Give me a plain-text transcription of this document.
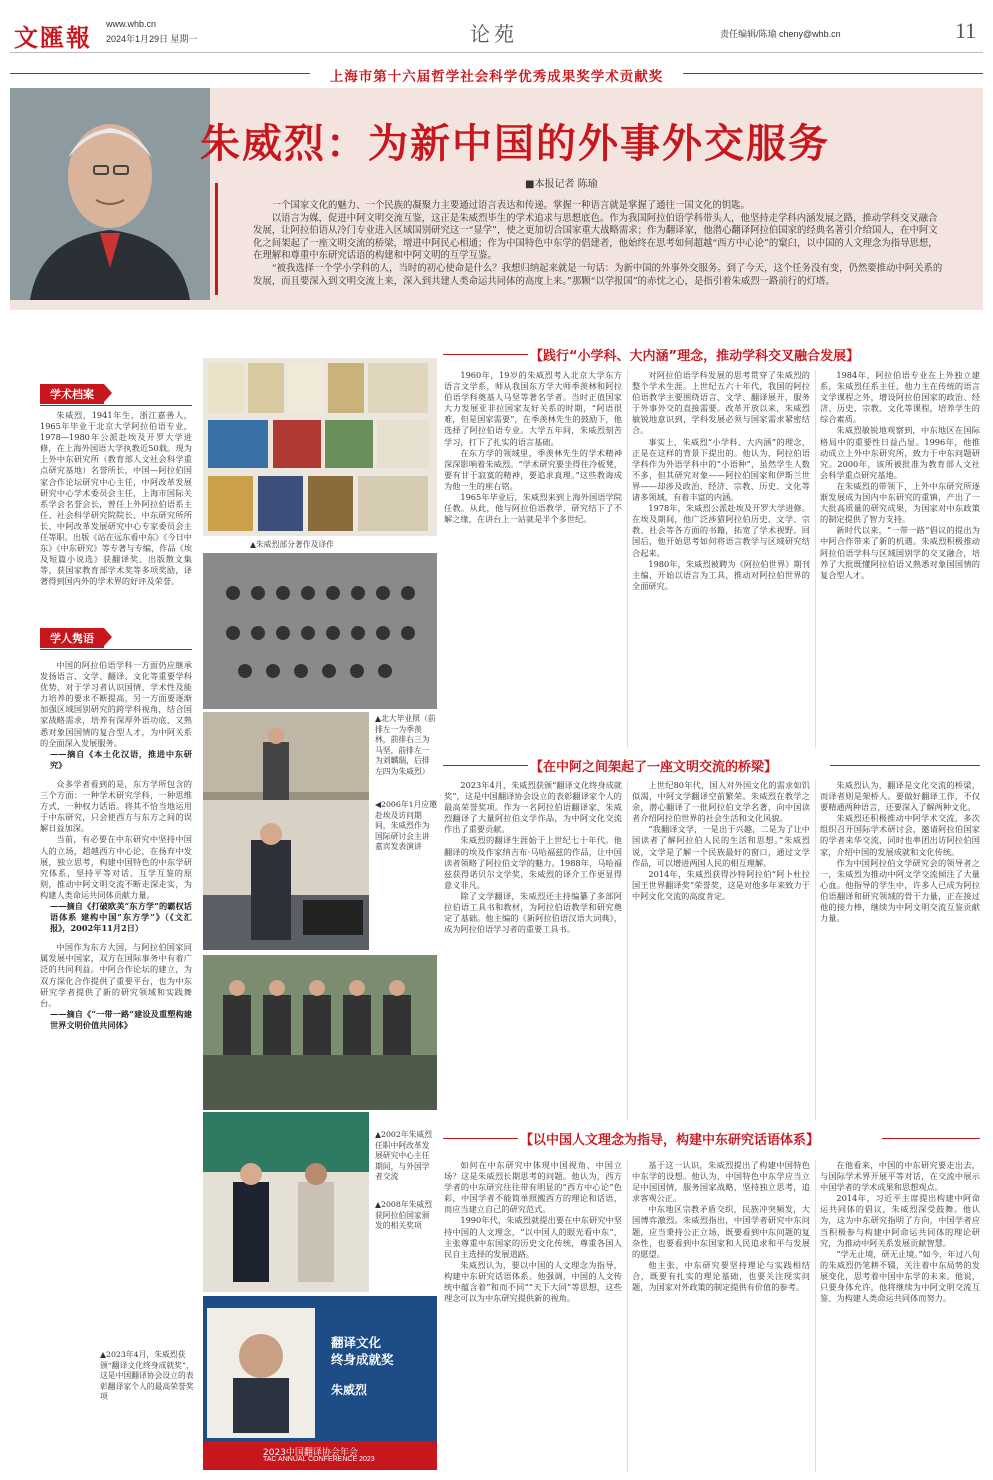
文匯報 www.whb.cn
2024年1月29日 星期一	论苑	责任编辑/陈瑜 cheny@whb.cn	11
上海市第十六届哲学社会科学优秀成果奖学术贡献奖
朱威烈：为新中国的外事外交服务
■本报记者 陈瑜

一个国家文化的魅力、一个民族的凝聚力主要通过语言表达和传递。掌握一种语言就是掌握了通往一国文化的钥匙。

以语言为媒，促进中阿文明交流互鉴，这正是朱威烈毕生的学术追求与思想底色。作为我国阿拉伯语学科带头人，他坚持走学科内涵发展之路，推动学科交叉融合发展，让阿拉伯语从冷门专业进入区域国别研究这一“显学”，使之更加切合国家重大战略需求；作为翻译家，他潜心翻译阿拉伯国家的经典名著引介给国人，在中阿文化之间架起了一座文明交流的桥梁，增进中阿民心相通；作为中国特色中东学的倡建者，他始终在思考如何超越“西方中心论”的窠臼，以中国的人文理念为指导思想，在理解和尊重中东研究话语的构建和中阿文明的互学互鉴。

“被我选择一个学小学科的人，当时的初心使命是什么？我想归纳起来就是一句话：为新中国的外事外交服务。到了今天，这个任务没有变，仍然要推动中阿关系的发展，而且要深入到文明交流上来，深入到共建人类命运共同体的高度上来。”那颗“以学报国”的赤忱之心，是指引着朱威烈一路前行的灯塔。

学术档案

朱威烈，1941年生，浙江嘉善人，1965年毕业于北京大学阿拉伯语专业，1978—1980年公派赴埃及开罗大学进修，在上海外国语大学执教近50载。现为上外中东研究所（教育部人文社会科学重点研究基地）名誉所长，中国—阿拉伯国家合作论坛研究中心主任，中阿改革发展研究中心学术委员会主任，上海市国际关系学会名誉会长，曾任上外阿拉伯语系主任、社会科学研究院院长、中东研究所所长、中阿改革发展研究中心专家委员会主任等职。出版《站在远东看中东》《今日中东》《中东研究》等专著与专编，作品《埃及短篇小说选》获翻译奖、出版散文集等，获国家教育部学术奖等多项奖励，译著得到国内外的学术界的好评及荣誉。

学人隽语

中国的阿拉伯语学科一方面仍应继承发扬语言、文学、翻译、文化等重要学科优势，对于学习者认识国情、学术性及能力培养的要求不断提高，另一方面要逐渐加强区域国别研究的跨学科视角，结合国家战略需求，培养有深厚外语功底、又熟悉对象国国情的复合型人才，为中阿关系的全面深入发展服务。

——摘自《本土化汉语，推进中东研究》

众多学者看到的是，东方学所包含的三个方面：一种学术研究学科，一种思维方式，一种权力话语。将其不恰当地运用于中东研究，只会使西方与东方之间的误解日益加深。

当前，有必要在中东研究中坚持中国人的立场，超越西方中心论，在扬弃中发展，独立思考，构建中国特色的中东学研究体系，坚持平等对话、互学互鉴的原则，推动中阿文明交流不断走深走实，为构建人类命运共同体贡献力量。

——摘自《打破欧美“东方学”的霸权话语体系 建构中国“东方学”》（《文汇报》，2002年11月2日）

中国作为东方大国，与阿拉伯国家同属发展中国家，双方在国际事务中有着广泛的共同利益。中阿合作论坛的建立，为双方深化合作提供了重要平台，也为中东研究学者提供了新的研究领域和实践舞台。

——摘自《“一带一路”建设及重塑构建世界文明价值共同体》

▲朱威烈部分著作及译作
▲北大毕业照（前排左一为季羡林，前排右三为马坚，前排左一为刘麟瑞，后排左四为朱威烈）
◀2006年1月应邀赴埃及访问期间，朱威烈作为国际研讨会主讲嘉宾发表演讲
▲2002年朱威烈任职中阿改革发展研究中心主任期间，与外国学者交流
▲2008年朱威烈获阿拉伯国家颁发的相关奖项
翻译文化
终身成就奖
朱威烈
2023中国翻译协会年会
TAC ANNUAL CONFERENCE 2023
▲2023年4月，朱威烈获颁“翻译文化终身成就奖”，这是中国翻译协会设立的表彰翻译家个人的最高荣誉奖项
【践行“小学科、大内涵”理念，推动学科交叉融合发展】

1960年，19岁的朱威烈考入北京大学东方语言文学系，师从我国东方学大师季羡林和阿拉伯语学科奠基人马坚等著名学者。当时正值国家大力发展亚非拉国家友好关系的时期，“阿语很难，但是国家需要”，在季羡林先生的鼓励下，他选择了阿拉伯语专业。大学五年间，朱威烈刻苦学习，打下了扎实的语言基础。

在东方学的领域里，季羡林先生的学术精神深深影响着朱威烈。“学术研究要坐得住冷板凳，要有甘于寂寞的精神，要追求真理。”这些教诲成为他一生的座右铭。

1965年毕业后，朱威烈来到上海外国语学院任教。从此，他与阿拉伯语教学、研究结下了不解之缘，在讲台上一站就是半个多世纪。

对阿拉伯语学科发展的思考贯穿了朱威烈的整个学术生涯。上世纪五六十年代，我国的阿拉伯语教学主要围绕语言、文学、翻译展开，服务于外事外交的直接需要。改革开放以来，朱威烈敏锐地意识到，学科发展必须与国家需求紧密结合。

事实上，朱威烈“小学科、大内涵”的理念，正是在这样的背景下提出的。他认为，阿拉伯语学科作为外语学科中的“小语种”，虽然学生人数不多，但其研究对象——阿拉伯国家和伊斯兰世界——却涉及政治、经济、宗教、历史、文化等诸多领域，有着丰富的内涵。

1978年，朱威烈公派赴埃及开罗大学进修。在埃及期间，他广泛涉猎阿拉伯历史、文学、宗教、社会等各方面的书籍，拓宽了学术视野。回国后，他开始思考如何将语言教学与区域研究结合起来。

1980年，朱威烈被聘为《阿拉伯世界》期刊主编，开始以语言为工具，推动对阿拉伯世界的全面研究。

1984年，阿拉伯语专业在上外独立建系，朱威烈任系主任，他力主在传统的语言文学课程之外，增设阿拉伯国家的政治、经济、历史、宗教、文化等课程，培养学生的综合素质。

朱威烈敏锐地观察到，中东地区在国际格局中的重要性日益凸显。1996年，他推动成立上外中东研究所，致力于中东问题研究。2000年，该所被批准为教育部人文社会科学重点研究基地。

在朱威烈的带领下，上外中东研究所逐渐发展成为国内中东研究的重镇，产出了一大批高质量的研究成果，为国家对中东政策的制定提供了智力支持。

新时代以来，“一带一路”倡议的提出为中阿合作带来了新的机遇。朱威烈积极推动阿拉伯语学科与区域国别学的交叉融合，培养了大批既懂阿拉伯语又熟悉对象国国情的复合型人才。

【在中阿之间架起了一座文明交流的桥梁】

2023年4月，朱威烈获颁“翻译文化终身成就奖”，这是中国翻译协会设立的表彰翻译家个人的最高荣誉奖项。作为一名阿拉伯语翻译家，朱威烈翻译了大量阿拉伯文学作品，为中阿文化交流作出了重要贡献。

朱威烈的翻译生涯始于上世纪七十年代。他翻译的埃及作家纳吉布·马哈福兹的作品，让中国读者领略了阿拉伯文学的魅力。1988年，马哈福兹获得诺贝尔文学奖，朱威烈的译介工作更显得意义非凡。

除了文学翻译，朱威烈还主持编纂了多部阿拉伯语工具书和教材，为阿拉伯语教学和研究奠定了基础。他主编的《新阿拉伯语汉语大词典》，成为阿拉伯语学习者的重要工具书。

上世纪80年代，国人对外国文化的需求如饥似渴，中阿文学翻译空前繁荣。朱威烈在教学之余，潜心翻译了一批阿拉伯文学名著，向中国读者介绍阿拉伯世界的社会生活和文化风貌。

“我翻译文学，一是出于兴趣，二是为了让中国读者了解阿拉伯人民的生活和思想。”朱威烈说，文学是了解一个民族最好的窗口，通过文学作品，可以增进两国人民的相互理解。

2014年，朱威烈获得沙特阿拉伯“阿卜杜拉国王世界翻译奖”荣誉奖，这是对他多年来致力于中阿文化交流的高度肯定。

朱威烈认为，翻译是文化交流的桥梁，而译者则是架桥人。要做好翻译工作，不仅要精通两种语言，还要深入了解两种文化。

朱威烈还积极推动中阿学术交流，多次组织召开国际学术研讨会，邀请阿拉伯国家的学者来华交流，同时也率团出访阿拉伯国家，介绍中国的发展成就和文化传统。

作为中国阿拉伯文学研究会的领导者之一，朱威烈为推动中阿文学交流倾注了大量心血。他指导的学生中，许多人已成为阿拉伯语翻译和研究领域的骨干力量，正在接过他的接力棒，继续为中阿文明交流互鉴贡献力量。

【以中国人文理念为指导，构建中东研究话语体系】

如何在中东研究中体现中国视角、中国立场？这是朱威烈长期思考的问题。他认为，西方学者的中东研究往往带有明显的“西方中心论”色彩，中国学者不能简单照搬西方的理论和话语，而应当建立自己的研究范式。

1990年代，朱威烈就提出要在中东研究中坚持中国的人文理念，“以中国人的眼光看中东”，主张尊重中东国家的历史文化传统，尊重各国人民自主选择的发展道路。

朱威烈认为，要以中国的人文理念为指导，构建中东研究话语体系。他强调，中国的人文传统中蕴含着“和而不同”“天下大同”等思想，这些理念可以为中东研究提供新的视角。

基于这一认识，朱威烈提出了构建中国特色中东学的设想。他认为，中国特色中东学应当立足中国国情，服务国家战略，坚持独立思考，追求客观公正。

中东地区宗教矛盾交织，民族冲突频发，大国博弈激烈。朱威烈指出，中国学者研究中东问题，应当秉持公正立场，既要看到中东问题的复杂性，也要看到中东国家和人民追求和平与发展的愿望。

他主张，中东研究要坚持理论与实践相结合，既要有扎实的理论基础，也要关注现实问题，为国家对外政策的制定提供有价值的参考。

在他看来，中国的中东研究要走出去，与国际学术界开展平等对话，在交流中展示中国学者的学术成果和思想观点。

2014年，习近平主席提出构建中阿命运共同体的倡议，朱威烈深受鼓舞。他认为，这为中东研究指明了方向，中国学者应当积极参与构建中阿命运共同体的理论研究，为推动中阿关系发展贡献智慧。

“学无止境，研无止境。”如今，年过八旬的朱威烈仍笔耕不辍，关注着中东局势的发展变化，思考着中国中东学的未来。他说，只要身体允许，他将继续为中阿文明交流互鉴、为构建人类命运共同体而努力。
